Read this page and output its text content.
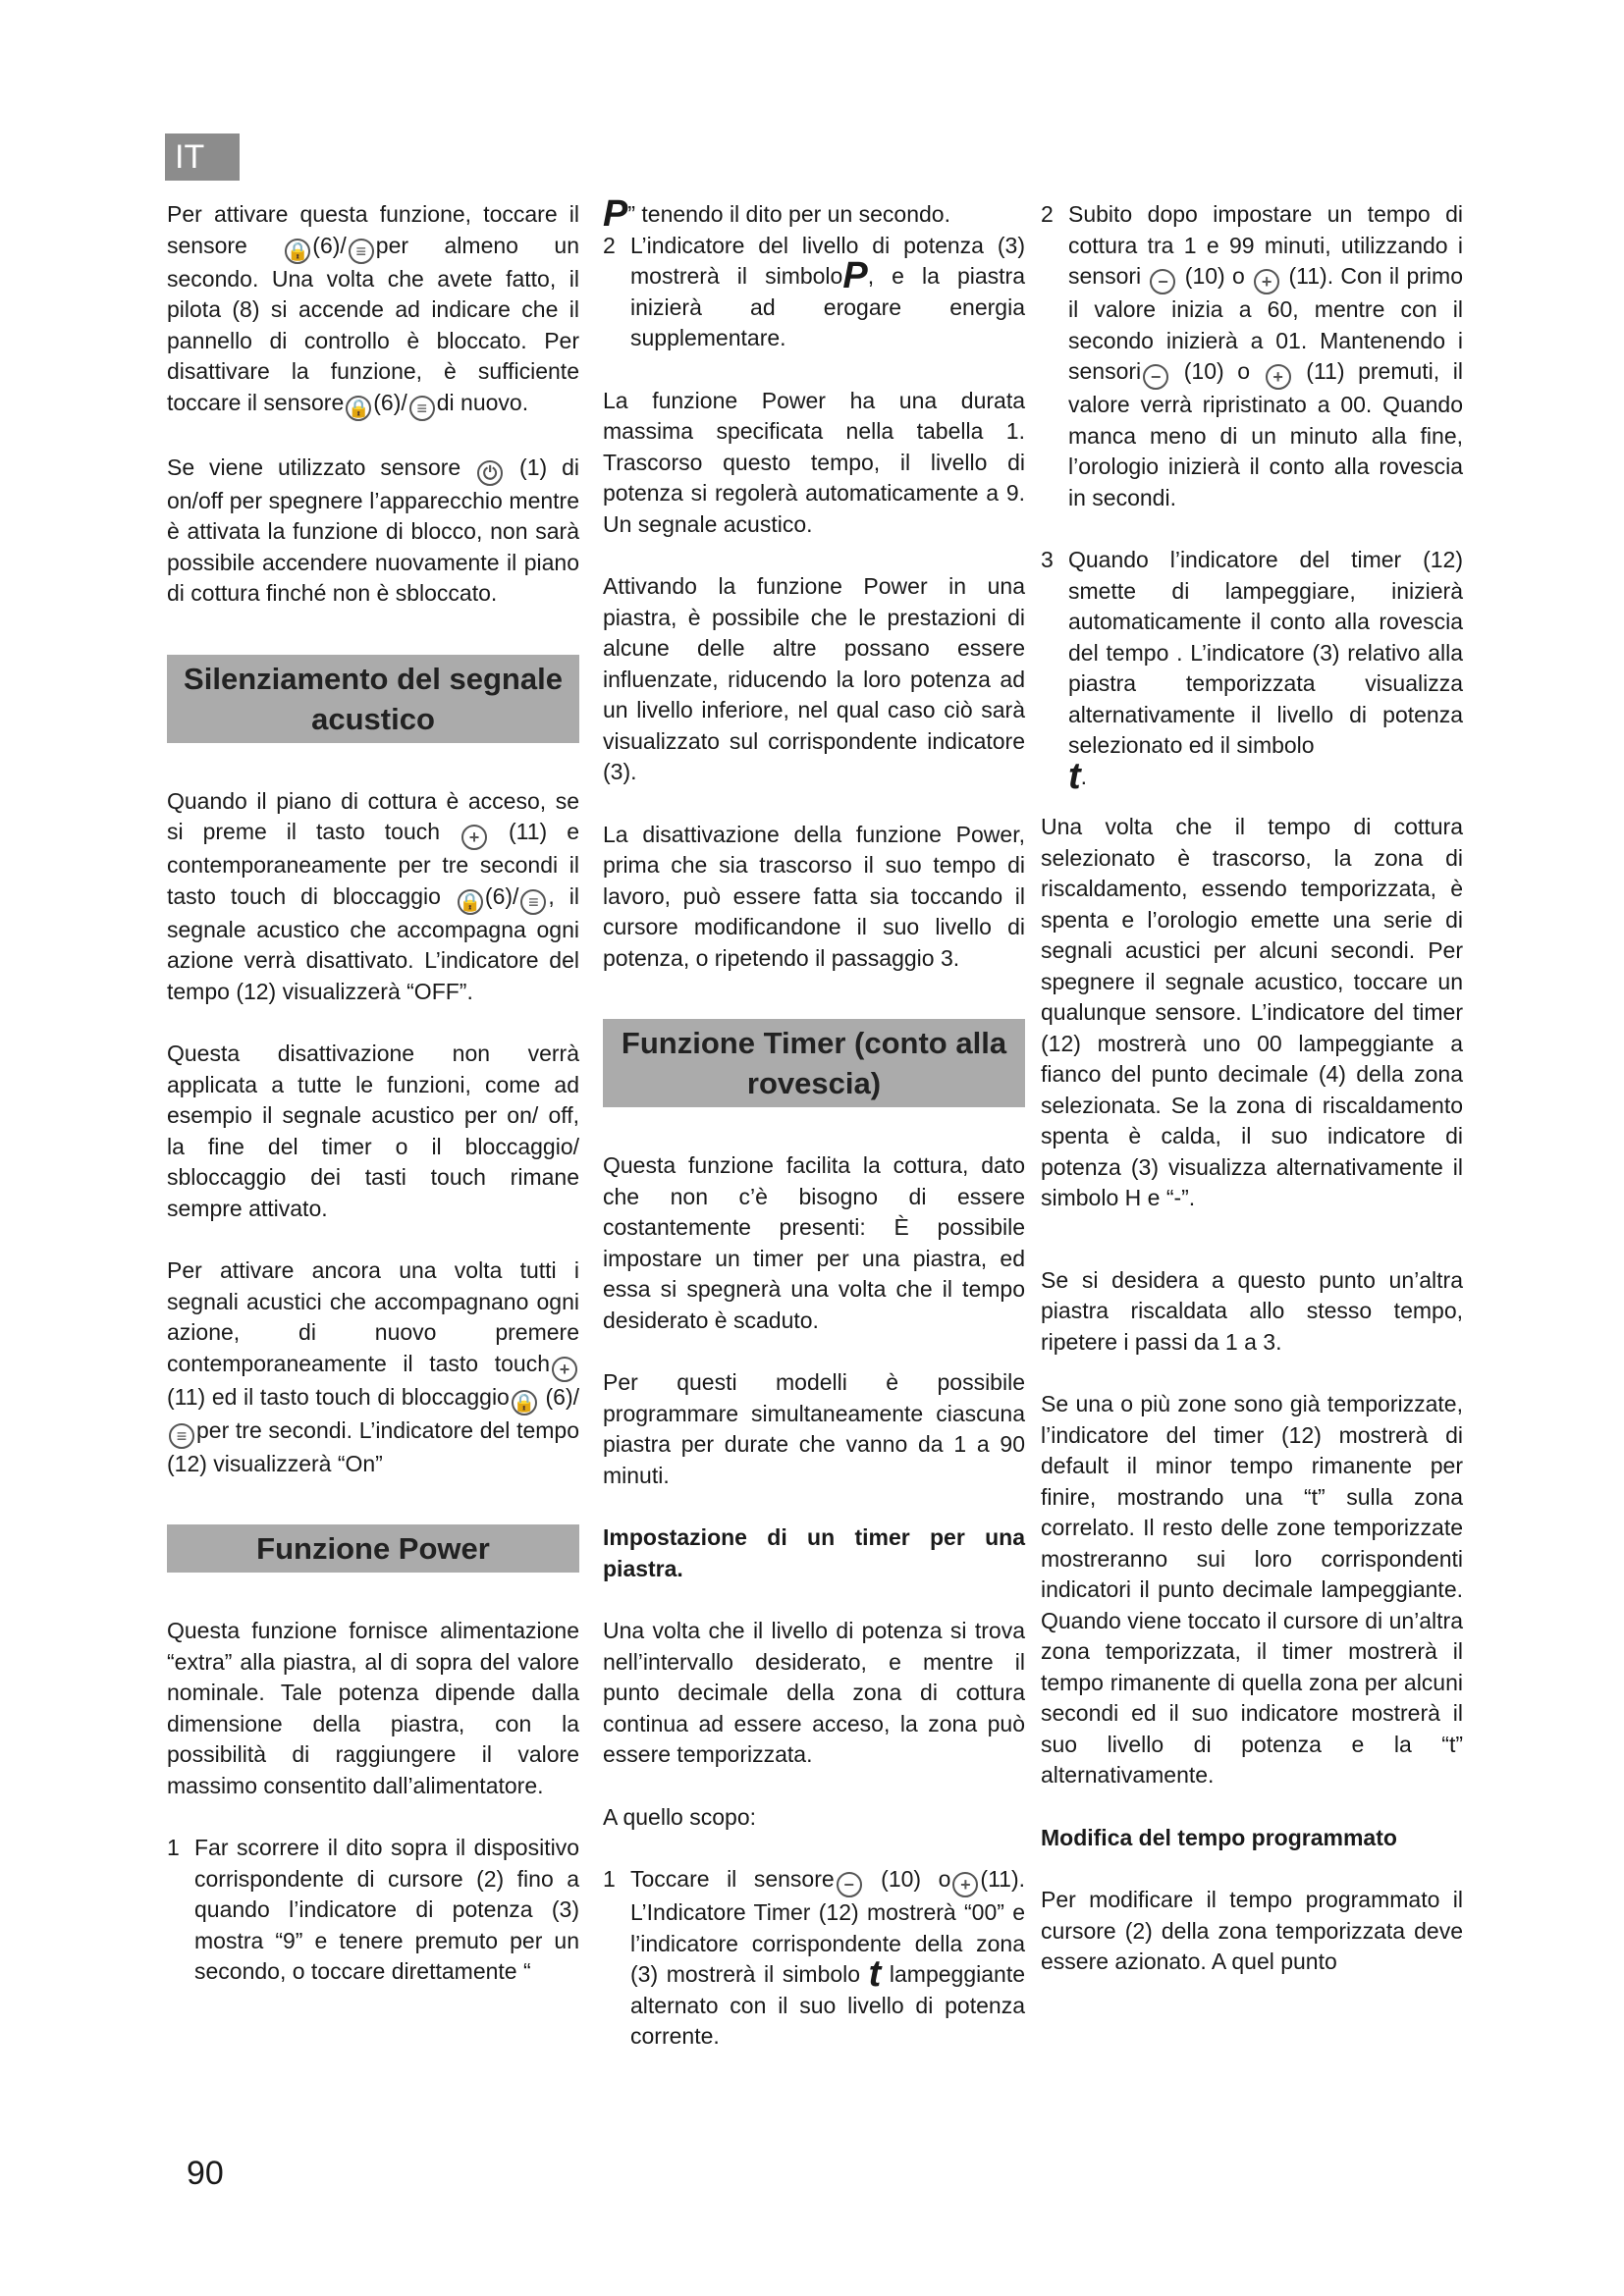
IT

Per attivare questa funzione, toccare il sensore 🔒 (6)/ ≡ per almeno un secondo. Una volta che avete fatto, il pilota (8) si accende ad indicare che il pannello di controllo è bloccato. Per disattivare la funzione, è sufficiente toccare il sensore 🔒 (6)/ ≡ di nuovo.

Se viene utilizzato sensore ⏻ (1) di on/off per spegnere l’apparecchio mentre è attivata la funzione di blocco, non sarà possibile accendere nuovamente il piano di cottura finché non è sbloccato.

Silenziamento del segnale acustico

Quando il piano di cottura è acceso, se si preme il tasto touch + (11) e contemporaneamente per tre secondi il tasto touch di bloccaggio 🔒 (6)/ ≡ , il segnale acustico che accompagna ogni azione verrà disattivato. L’indicatore del tempo (12) visualizzerà “OFF”.

Questa disattivazione non verrà applicata a tutte le funzioni, come ad esempio il segnale acustico per on/ off, la fine del timer o il bloccaggio/ sbloccaggio dei tasti touch rimane sempre attivato.

Per attivare ancora una volta tutti i segnali acustici che accompagnano ogni azione, di nuovo premere contemporaneamente il tasto touch + (11) ed il tasto touch di bloccaggio 🔒 (6)/≡ per tre secondi. L’indicatore del tempo (12) visualizzerà “On”

Funzione Power

Questa funzione fornisce alimentazione “extra” alla piastra, al di sopra del valore nominale. Tale potenza dipende dalla dimensione della piastra, con la possibilità di raggiungere il valore massimo consentito dall’alimentatore.

1 Far scorrere il dito sopra il dispositivo corrispondente di cursore (2) fino a quando l’indicatore di potenza (3) mostra “9” e tenere premuto per un secondo, o toccare direttamente “

P” tenendo il dito per un secondo.

2 L’indicatore del livello di potenza (3) mostrerà il simboloP, e la piastra inizierà ad erogare energia supplementare.

La funzione Power ha una durata massima specificata nella tabella 1. Trascorso questo tempo, il livello di potenza si regolerà automaticamente a 9. Un segnale acustico.

Attivando la funzione Power in una piastra, è possibile che le prestazioni di alcune delle altre possano essere influenzate, riducendo la loro potenza ad un livello inferiore, nel qual caso ciò sarà visualizzato sul corrispondente indicatore (3).

La disattivazione della funzione Power, prima che sia trascorso il suo tempo di lavoro, può essere fatta sia toccando il cursore modificandone il suo livello di potenza, o ripetendo il passaggio 3.

Funzione Timer (conto alla rovescia)

Questa funzione facilita la cottura, dato che non c’è bisogno di essere costantemente presenti: È possibile impostare un timer per una piastra, ed essa si spegnerà una volta che il tempo desiderato è scaduto.

Per questi modelli è possibile programmare simultaneamente ciascuna piastra per durate che vanno da 1 a 90 minuti.

Impostazione di un timer per una piastra.

Una volta che il livello di potenza si trova nell’intervallo desiderato, e mentre il punto decimale della zona di cottura continua ad essere acceso, la zona può essere temporizzata.

A quello scopo:

1 Toccare il sensore − (10) o + (11). L’Indicatore Timer (12) mostrerà “00” e l’indicatore corrispondente della zona (3) mostrerà il simbolo t lampeggiante alternato con il suo livello di potenza corrente.
2 Subito dopo impostare un tempo di cottura tra 1 e 99 minuti, utilizzando i sensori − (10) o + (11). Con il primo il valore inizia a 60, mentre con il secondo inizierà a 01. Mantenendo i sensori − (10) o + (11) premuti, il valore verrà ripristinato a 00. Quando manca meno di un minuto alla fine, l’orologio inizierà il conto alla rovescia in secondi.
3 Quando l’indicatore del timer (12) smette di lampeggiare, inizierà automaticamente il conto alla rovescia del tempo . L’indicatore (3) relativo alla piastra temporizzata visualizza alternativamente il livello di potenza selezionato ed il simbolo
t.

Una volta che il tempo di cottura selezionato è trascorso, la zona di riscaldamento, essendo temporizzata, è spenta e l’orologio emette una serie di segnali acustici per alcuni secondi. Per spegnere il segnale acustico, toccare un qualunque sensore. L’indicatore del timer (12) mostrerà uno 00 lampeggiante a fianco del punto decimale (4) della zona selezionata. Se la zona di riscaldamento spenta è calda, il suo indicatore di potenza (3) visualizza alternativamente il simbolo H e “-”.

Se si desidera a questo punto un’altra piastra riscaldata allo stesso tempo, ripetere i passi da 1 a 3.

Se una o più zone sono già temporizzate, l’indicatore del timer (12) mostrerà di default il minor tempo rimanente per finire, mostrando una “t” sulla zona correlato. Il resto delle zone temporizzate mostreranno sui loro corrispondenti indicatori il punto decimale lampeggiante. Quando viene toccato il cursore di un’altra zona temporizzata, il timer mostrerà il tempo rimanente di quella zona per alcuni secondi ed il suo indicatore mostrerà il suo livello di potenza e la “t” alternativamente.

Modifica del tempo programmato

Per modificare il tempo programmato il cursore (2) della zona temporizzata deve essere azionato. A quel punto

90
